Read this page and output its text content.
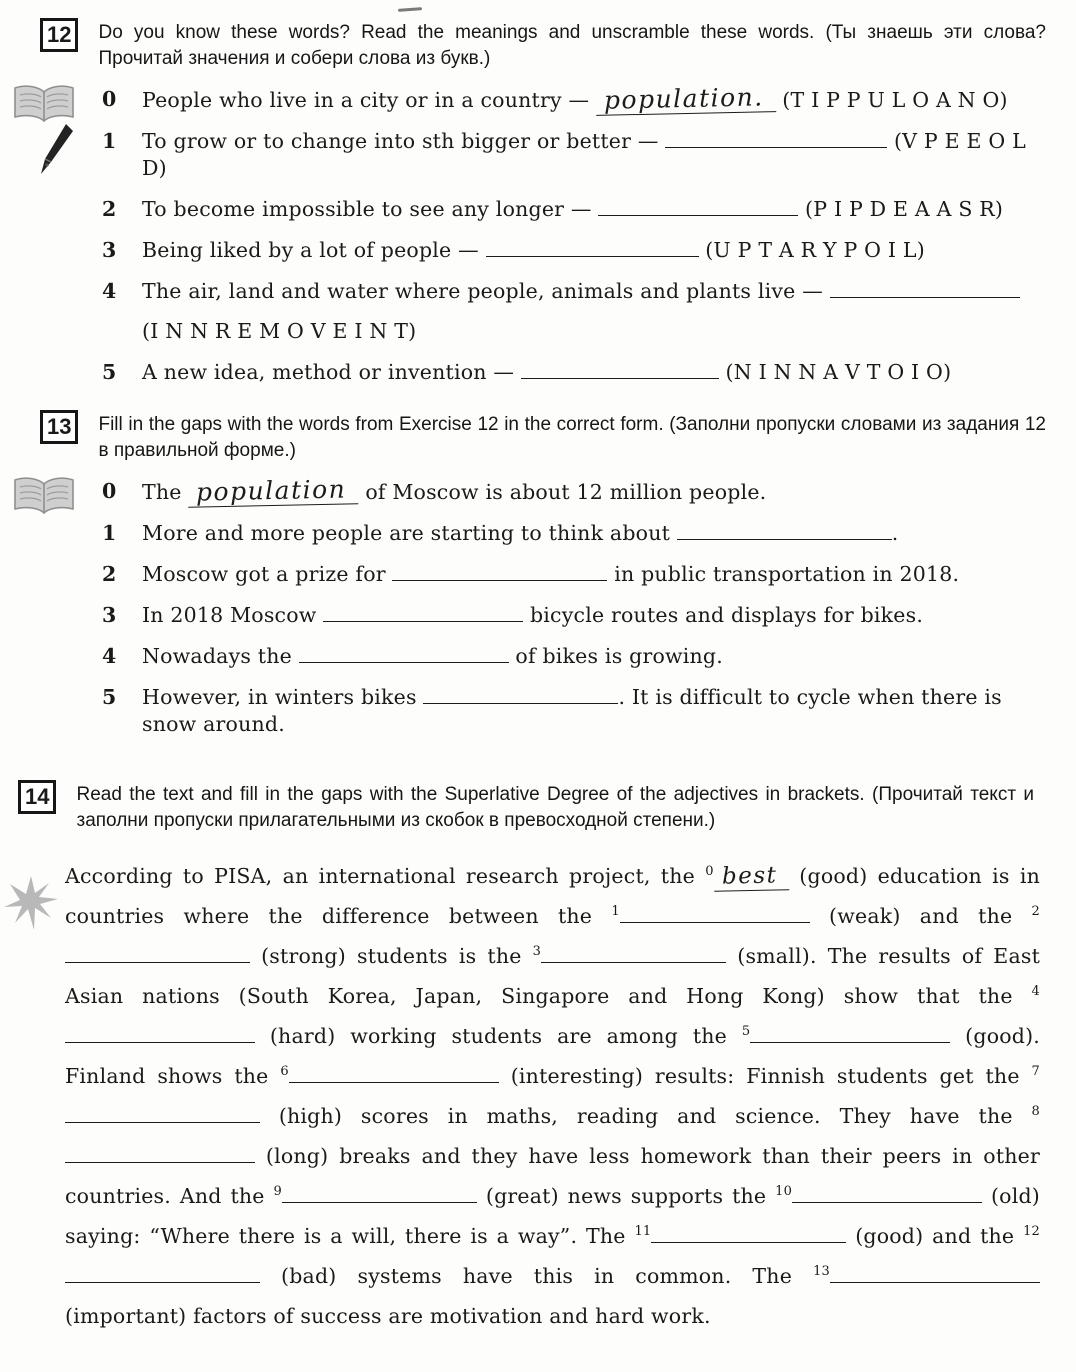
12	Do you know these words? Read the meanings and unscramble these words. (Ты знаешь эти слова? Прочитай значения и собери слова из букв.)

0 People who live in a city or in a country — population. (T I P P U L O A N O)
1 To grow or to change into sth bigger or better —	(V P E E O L D)
2 To become impossible to see any longer —	(P I P D E A A S R)
3 Being liked by a lot of people —	(U P T A R Y P O I L)
4 The air, land and water where people, animals and plants live —
(I N N R E M O V E I N T)
5 A new idea, method or invention —	(N I N N A V T O I O)
13	Fill in the gaps with the words from Exercise 12 in the correct form. (Заполни пропуски словами из задания 12 в правильной форме.)

0 The population of Moscow is about 12 million people.
1 More and more people are starting to think about	.
2 Moscow got a prize for	in public transportation in 2018.
3 In 2018 Moscow	bicycle routes and displays for bikes.
4 Nowadays the	of bikes is growing.
5 However, in winters bikes	. It is difficult to cycle when there is snow around.
14	Read the text and fill in the gaps with the Superlative Degree of the adjectives in brackets. (Прочитай текст и заполни пропуски прилагательными из скобок в превосходной степени.)

According to PISA, an international research project, the $^0$ best (good) education is in countries where the difference between the $^1$	(weak) and the $^2$ (strong) students is the $^3$	(small). The results of East Asian nations (South Korea, Japan, Singapore and Hong Kong) show that the $^4$ (hard) working students are among the $^5$	(good). Finland shows the $^6$	(interesting) results: Finnish students get the $^7$ (high) scores in maths, reading and science. They have the $^8$ (long) breaks and they have less homework than their peers in other countries. And the $^9$	(great) news supports the $^{10}$	(old) saying: “Where there is a will, there is a way”. The $^{11}$	(good) and the $^{12}$ (bad) systems have this in common. The $^{13}$ (important) factors of success are motivation and hard work.
